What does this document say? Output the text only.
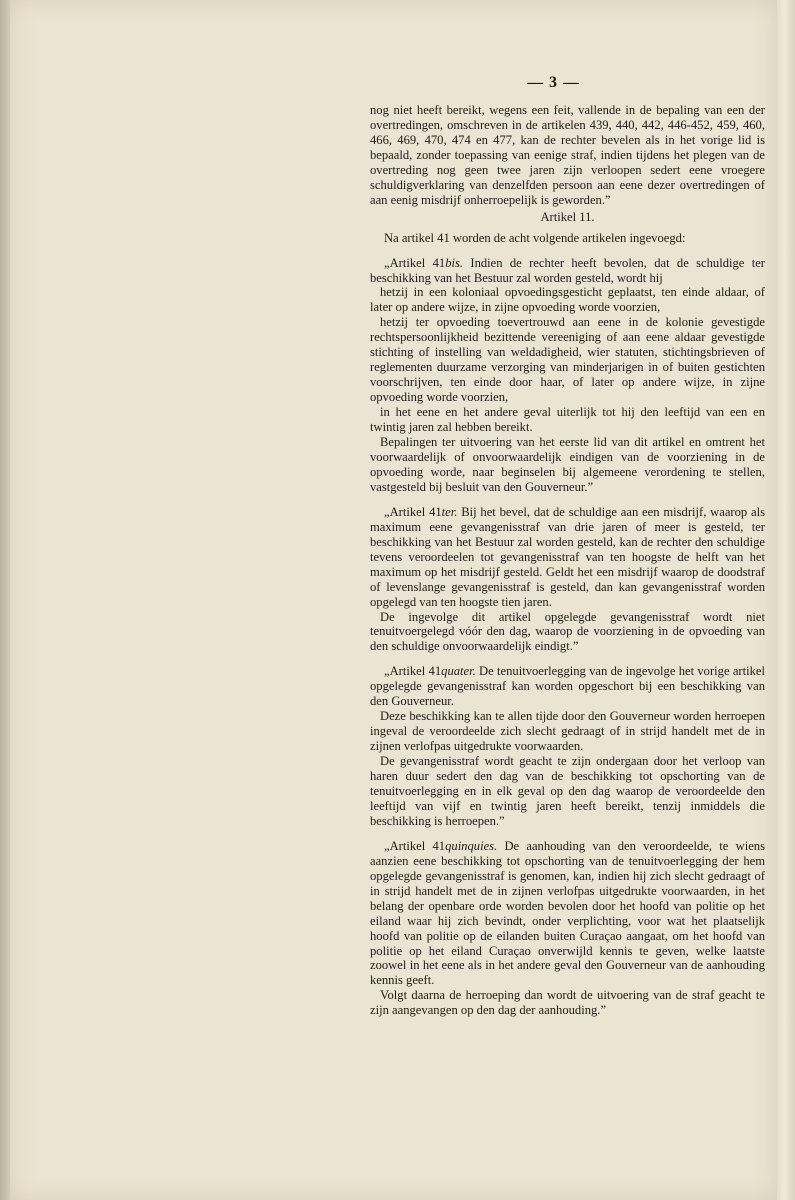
— 3 —

nog niet heeft bereikt, wegens een feit, vallende in de bepaling van een der overtredingen, omschreven in de artikelen 439, 440, 442, 446-452, 459, 460, 466, 469, 470, 474 en 477, kan de rechter bevelen als in het vorige lid is bepaald, zonder toepassing van eenige straf, indien tijdens het plegen van de overtreding nog geen twee jaren zijn verloopen sedert eene vroegere schuldigverklaring van denzelfden persoon aan eene dezer overtredingen of aan eenig misdrijf onherroepelijk is geworden.”

Artikel 11.

Na artikel 41 worden de acht volgende artikelen ingevoegd:

„Artikel 41bis. Indien de rechter heeft bevolen, dat de schuldige ter beschikking van het Bestuur zal worden gesteld, wordt hij

hetzij in een koloniaal opvoedingsgesticht geplaatst, ten einde aldaar, of later op andere wijze, in zijne opvoeding worde voorzien,

hetzij ter opvoeding toevertrouwd aan eene in de kolonie gevestigde rechtspersoonlijkheid bezittende vereeniging of aan eene aldaar gevestigde stichting of instelling van weldadigheid, wier statuten, stichtingsbrieven of reglementen duurzame verzorging van minderjarigen in of buiten gestichten voorschrijven, ten einde door haar, of later op andere wijze, in zijne opvoeding worde voorzien,

in het eene en het andere geval uiterlijk tot hij den leeftijd van een en twintig jaren zal hebben bereikt.

Bepalingen ter uitvoering van het eerste lid van dit artikel en omtrent het voorwaardelijk of onvoorwaardelijk eindigen van de voorziening in de opvoeding worde, naar beginselen bij algemeene verordening te stellen, vastgesteld bij besluit van den Gouverneur.”

„Artikel 41ter. Bij het bevel, dat de schuldige aan een misdrijf, waarop als maximum eene gevangenisstraf van drie jaren of meer is gesteld, ter beschikking van het Bestuur zal worden gesteld, kan de rechter den schuldige tevens veroordeelen tot gevangenisstraf van ten hoogste de helft van het maximum op het misdrijf gesteld. Geldt het een misdrijf waarop de doodstraf of levenslange gevangenisstraf is gesteld, dan kan gevangenisstraf worden opgelegd van ten hoogste tien jaren.

De ingevolge dit artikel opgelegde gevangenisstraf wordt niet tenuitvoergelegd vóór den dag, waarop de voorziening in de opvoeding van den schuldige onvoorwaardelijk eindigt.”

„Artikel 41quater. De tenuitvoerlegging van de ingevolge het vorige artikel opgelegde gevangenisstraf kan worden opgeschort bij een beschikking van den Gouverneur.

Deze beschikking kan te allen tijde door den Gouverneur worden herroepen ingeval de veroordeelde zich slecht gedraagt of in strijd handelt met de in zijnen verlofpas uitgedrukte voorwaarden.

De gevangenisstraf wordt geacht te zijn ondergaan door het verloop van haren duur sedert den dag van de beschikking tot opschorting van de tenuitvoerlegging en in elk geval op den dag waarop de veroordeelde den leeftijd van vijf en twintig jaren heeft bereikt, tenzij inmiddels die beschikking is herroepen.”

„Artikel 41quinquies. De aanhouding van den veroordeelde, te wiens aanzien eene beschikking tot opschorting van de tenuitvoerlegging der hem opgelegde gevangenisstraf is genomen, kan, indien hij zich slecht gedraagt of in strijd handelt met de in zijnen verlofpas uitgedrukte voorwaarden, in het belang der openbare orde worden bevolen door het hoofd van politie op het eiland waar hij zich bevindt, onder verplichting, voor wat het plaatselijk hoofd van politie op de eilanden buiten Curaçao aangaat, om het hoofd van politie op het eiland Curaçao onverwijld kennis te geven, welke laatste zoowel in het eene als in het andere geval den Gouverneur van de aanhouding kennis geeft.

Volgt daarna de herroeping dan wordt de uitvoering van de straf geacht te zijn aangevangen op den dag der aanhouding.”
